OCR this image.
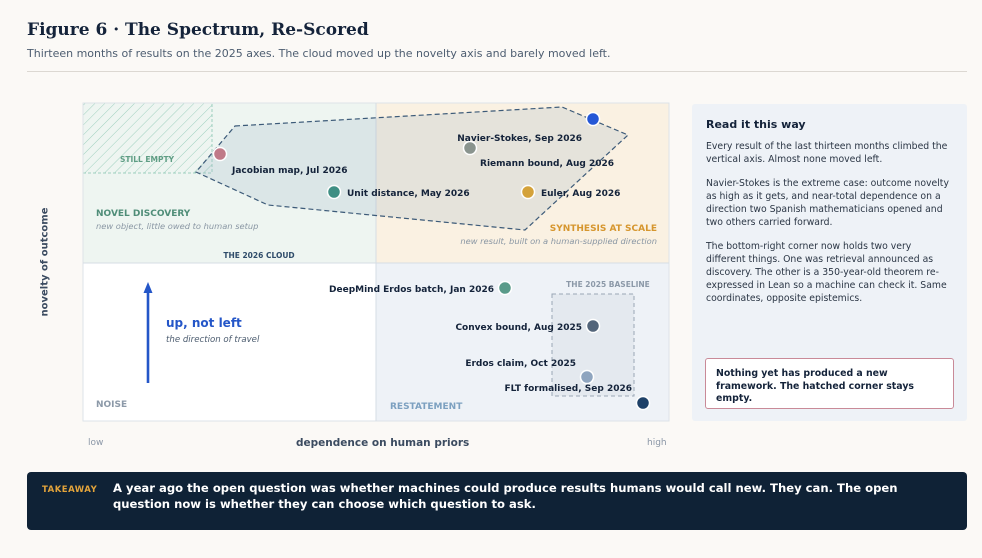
Figure 6 · The Spectrum, Re-Scored
Thirteen months of results on the 2025 axes. The cloud moved up the novelty axis and barely moved left.
novelty of outcome
STILL EMPTY
NOVEL DISCOVERY
new object, little owed to human setup	SYNTHESIS AT SCALE
new result, built on a human-supplied direction
THE 2026 CLOUD
THE 2025 BASELINE
NOISE	RESTATEMENT
up, not left
the direction of travel
Jacobian map, Jul 2026
Unit distance, May 2026
Navier-Stokes, Sep 2026
Riemann bound, Aug 2026
Euler, Aug 2026
DeepMind Erdos batch, Jan 2026
Convex bound, Aug 2025
Erdos claim, Oct 2025
FLT formalised, Sep 2026
low	dependence on human priors	high
Read it this way

Every result of the last thirteen months climbed the vertical axis. Almost none moved left.

Navier-Stokes is the extreme case: outcome novelty as high as it gets, and near-total dependence on a direction two Spanish mathematicians opened and two others carried forward.

The bottom-right corner now holds two very different things. One was retrieval announced as discovery. The other is a 350-year-old theorem re-expressed in Lean so a machine can check it. Same coordinates, opposite epistemics.

Nothing yet has produced a new framework. The hatched corner stays empty.
TAKEAWAY A year ago the open question was whether machines could produce results humans would call new. They can. The open question now is whether they can choose which question to ask.
